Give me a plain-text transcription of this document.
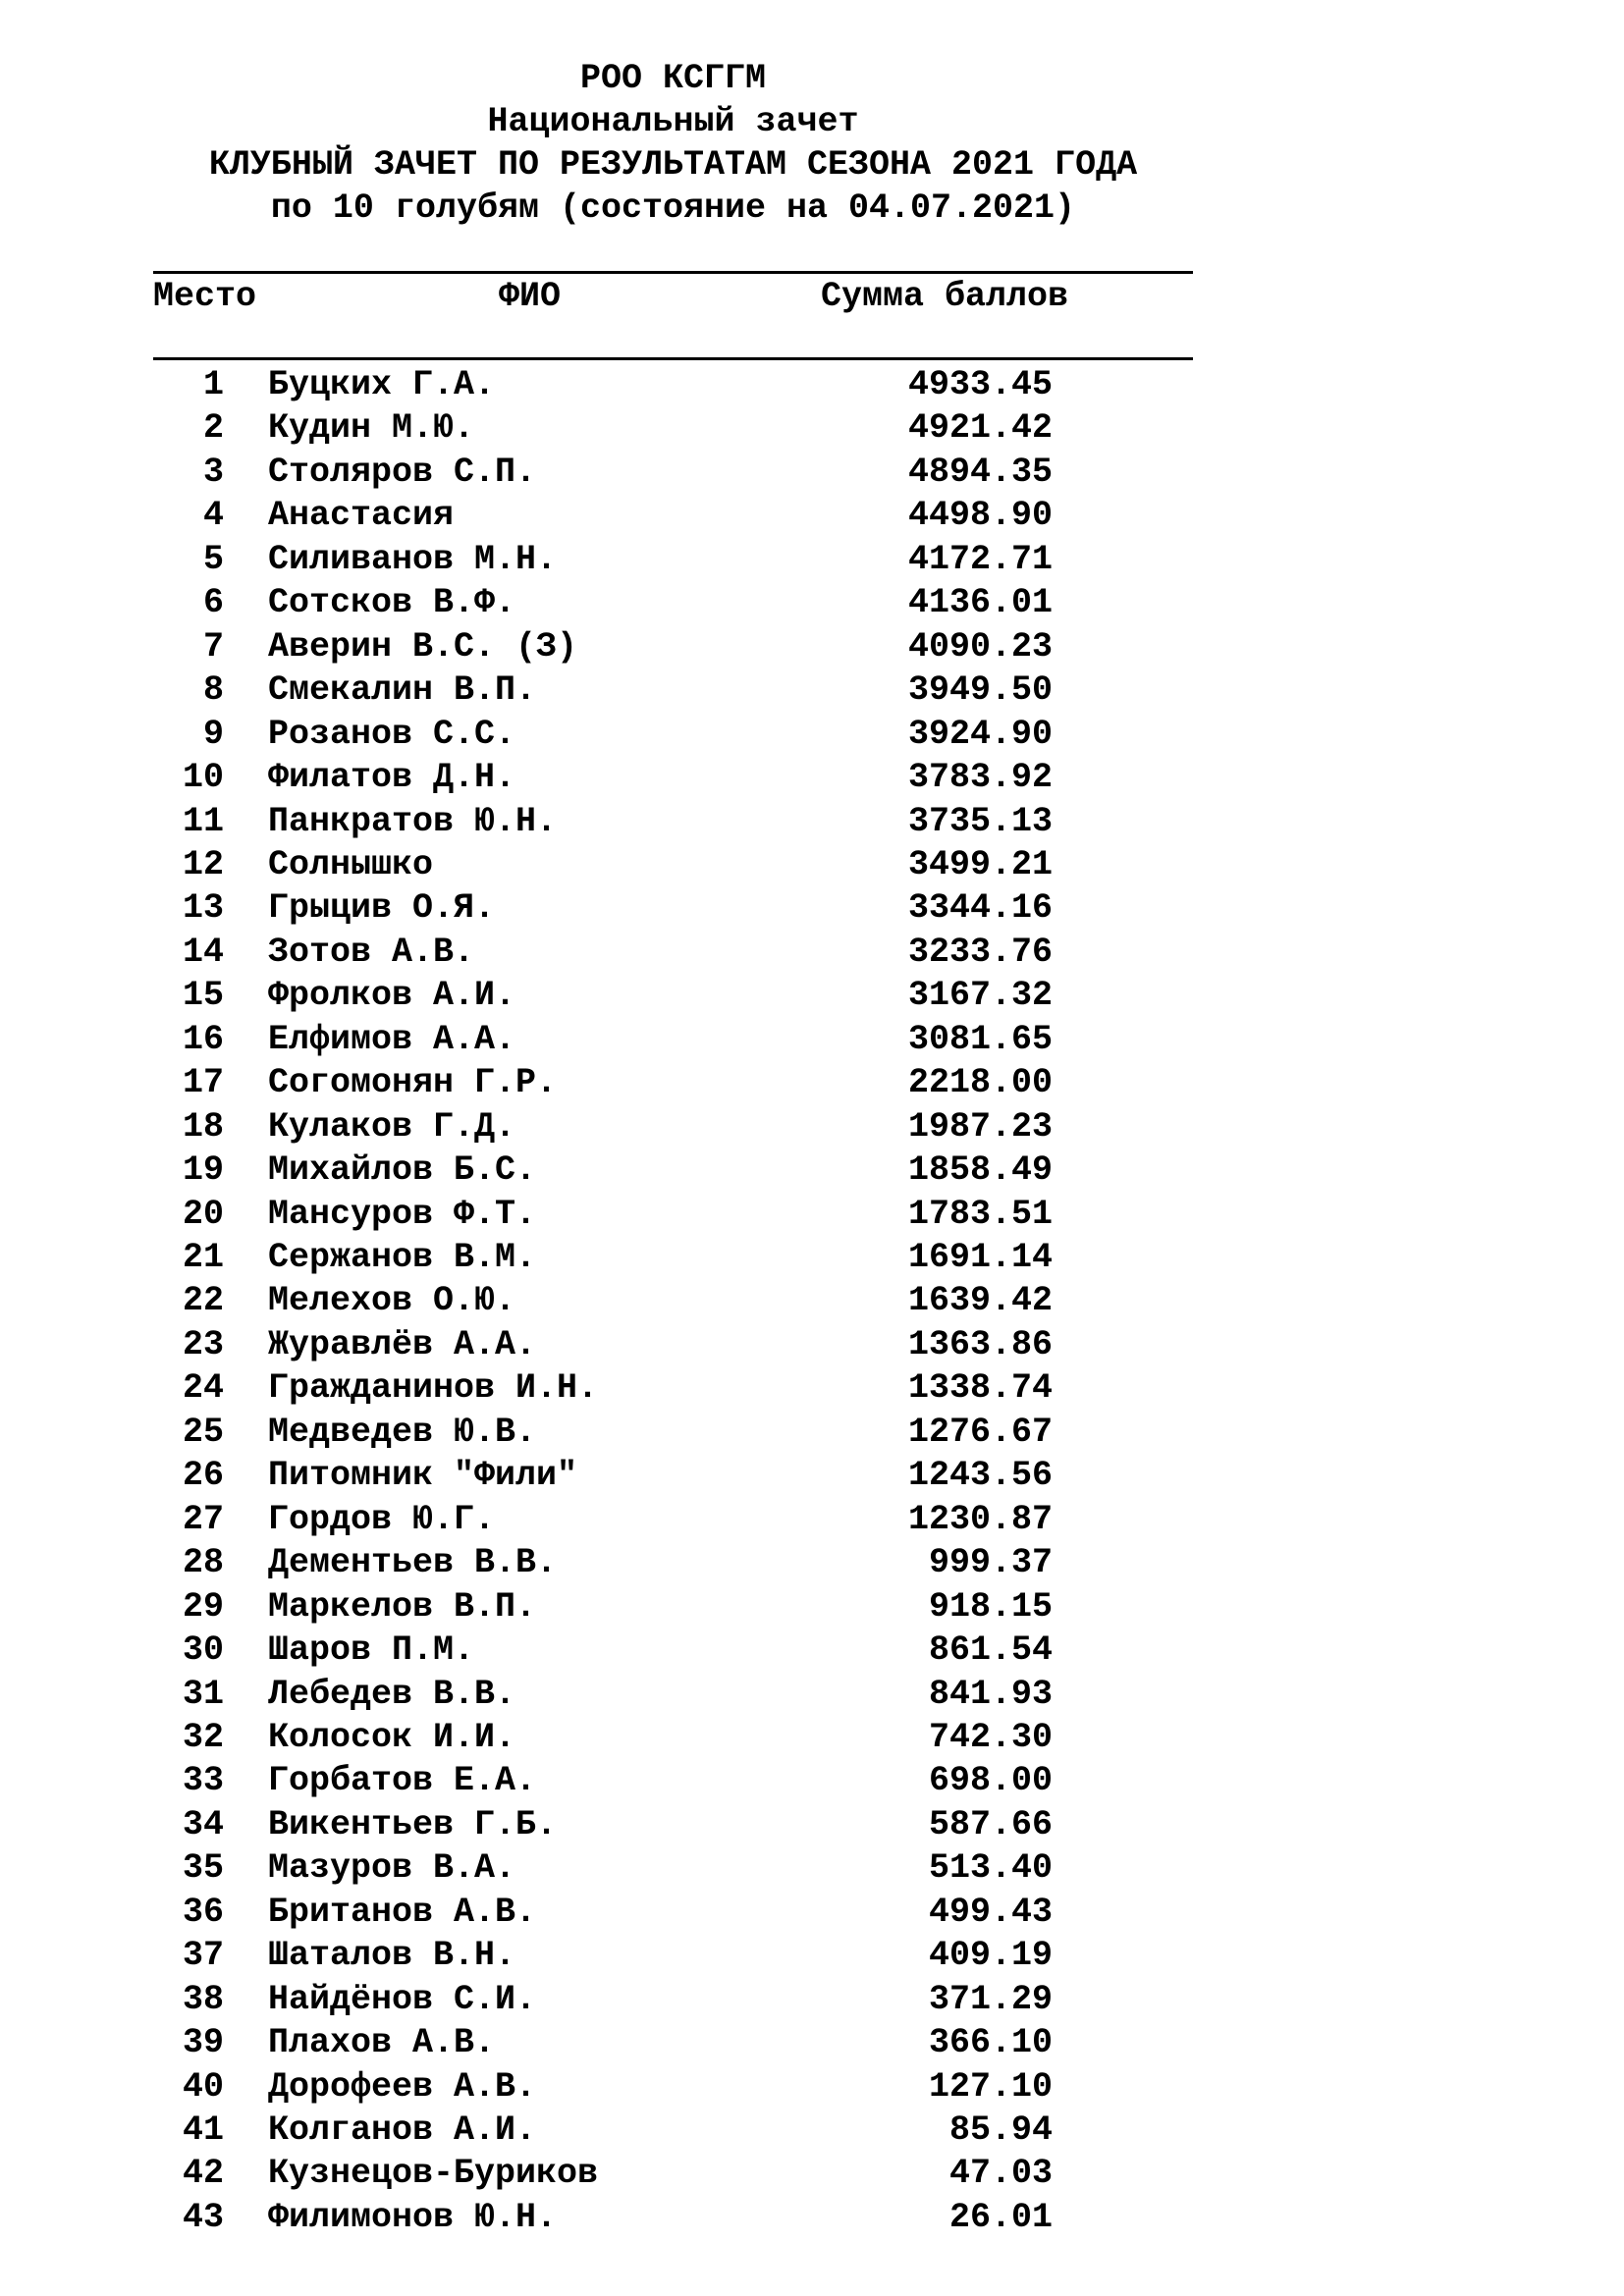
РОО КСГГМ
Национальный зачет
КЛУБНЫЙ ЗАЧЕТ ПО РЕЗУЛЬТАТАМ СЕЗОНА 2021 ГОДА
по 10 голубям (состояние на 04.07.2021)
Место	ФИО	Сумма баллов
1 Буцких Г.А.	4933.45
2 Кудин М.Ю.	4921.42
3 Столяров С.П.	4894.35
4 Анастасия	4498.90
5 Силиванов М.Н.	4172.71
6 Сотсков В.Ф.	4136.01
7 Аверин В.С. (З)	4090.23
8 Смекалин В.П.	3949.50
9 Розанов С.С.	3924.90
10 Филатов Д.Н.	3783.92
11 Панкратов Ю.Н.	3735.13
12 Солнышко	3499.21
13 Грыцив О.Я.	3344.16
14 Зотов А.В.	3233.76
15 Фролков А.И.	3167.32
16 Елфимов А.А.	3081.65
17 Согомонян Г.Р.	2218.00
18 Кулаков Г.Д.	1987.23
19 Михайлов Б.С.	1858.49
20 Мансуров Ф.Т.	1783.51
21 Сержанов В.М.	1691.14
22 Мелехов О.Ю.	1639.42
23 Журавлёв А.А.	1363.86
24 Гражданинов И.Н.	1338.74
25 Медведев Ю.В.	1276.67
26 Питомник "Фили"	1243.56
27 Гордов Ю.Г.	1230.87
28 Дементьев В.В.	999.37
29 Маркелов В.П.	918.15
30 Шаров П.М.	861.54
31 Лебедев В.В.	841.93
32 Колосок И.И.	742.30
33 Горбатов Е.А.	698.00
34 Викентьев Г.Б.	587.66
35 Мазуров В.А.	513.40
36 Британов А.В.	499.43
37 Шаталов В.Н.	409.19
38 Найдёнов С.И.	371.29
39 Плахов А.В.	366.10
40 Дорофеев А.В.	127.10
41 Колганов А.И.	85.94
42 Кузнецов-Буриков	47.03
43 Филимонов Ю.Н.	26.01
